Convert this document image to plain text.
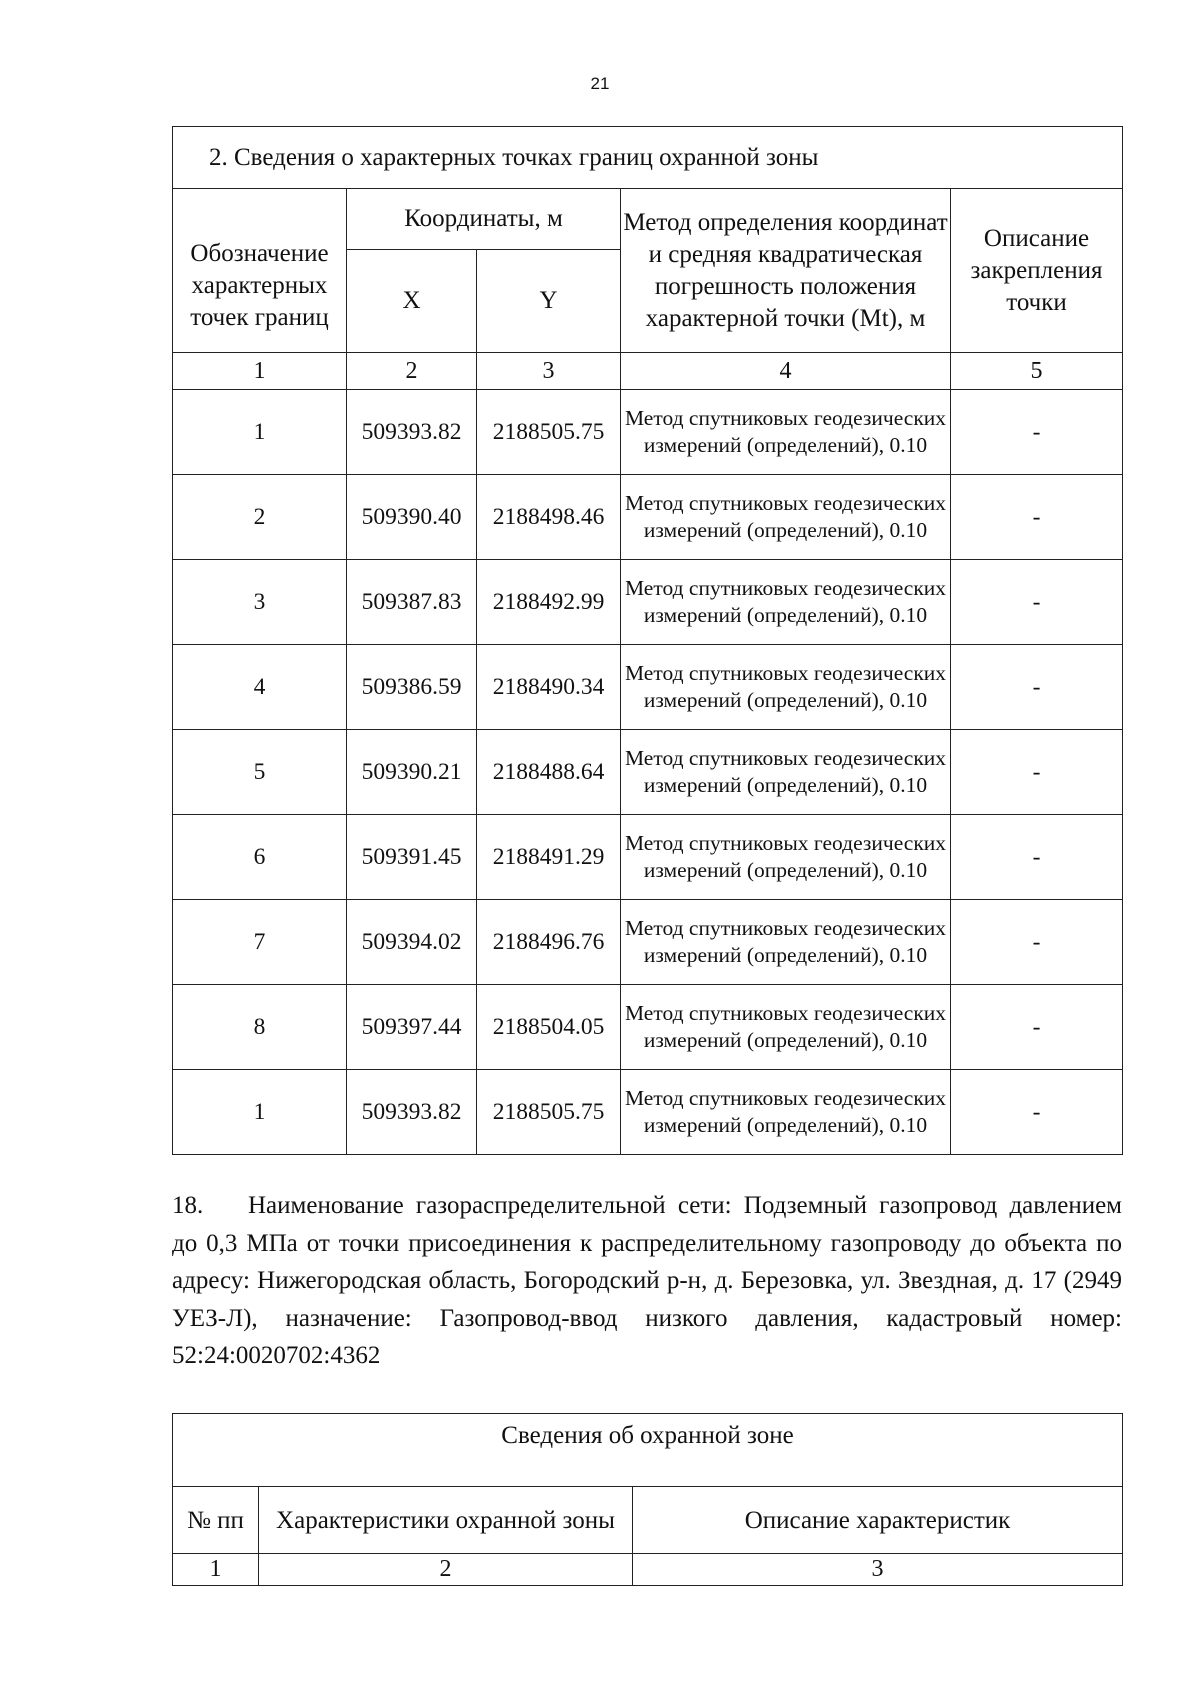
21
2. Сведения о характерных точках границ охранной зоны				
Обозначение характерных точек границ	Координаты, м		Метод определения координат и средняя квадратическая погрешность положения характерной точки (Mt), м	Описание закрепления точки
	X	Y		
1	2	3	4	5
1	509393.82	2188505.75	Метод спутниковых геодезических измерений (определений), 0.10	-
2	509390.40	2188498.46	Метод спутниковых геодезических измерений (определений), 0.10	-
3	509387.83	2188492.99	Метод спутниковых геодезических измерений (определений), 0.10	-
4	509386.59	2188490.34	Метод спутниковых геодезических измерений (определений), 0.10	-
5	509390.21	2188488.64	Метод спутниковых геодезических измерений (определений), 0.10	-
6	509391.45	2188491.29	Метод спутниковых геодезических измерений (определений), 0.10	-
7	509394.02	2188496.76	Метод спутниковых геодезических измерений (определений), 0.10	-
8	509397.44	2188504.05	Метод спутниковых геодезических измерений (определений), 0.10	-
1	509393.82	2188505.75	Метод спутниковых геодезических измерений (определений), 0.10	-

18. Наименование газораспределительной сети: Подземный газопровод давлением до 0,3 МПа от точки присоединения к распределительному газопроводу до объекта по адресу: Нижегородская область, Богородский р-н, д. Березовка, ул. Звездная, д. 17 (2949 УЕЗ-Л), назначение: Газопровод-ввод низкого давления, кадастровый номер: 52:24:0020702:4362

Сведения об охранной зоне		
№ пп	Характеристики охранной зоны	Описание характеристик
1	2	3
